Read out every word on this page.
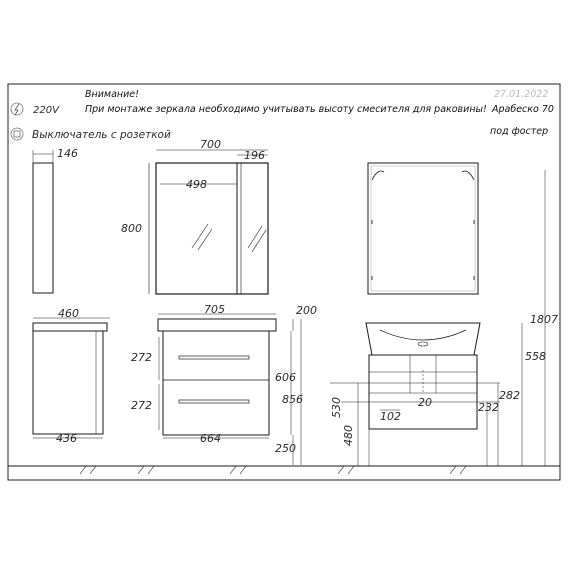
Внимание!
При монтаже зеркала необходимо учитывать высоту смесителя для раковины!
27.01.2022
Арабеско 70
под фостер
220V
Выключатель с розеткой
146
700
196
498
800
460
436
705	200
272
272
606
856
664
250
1807
558
282
232
530
480
20
102
